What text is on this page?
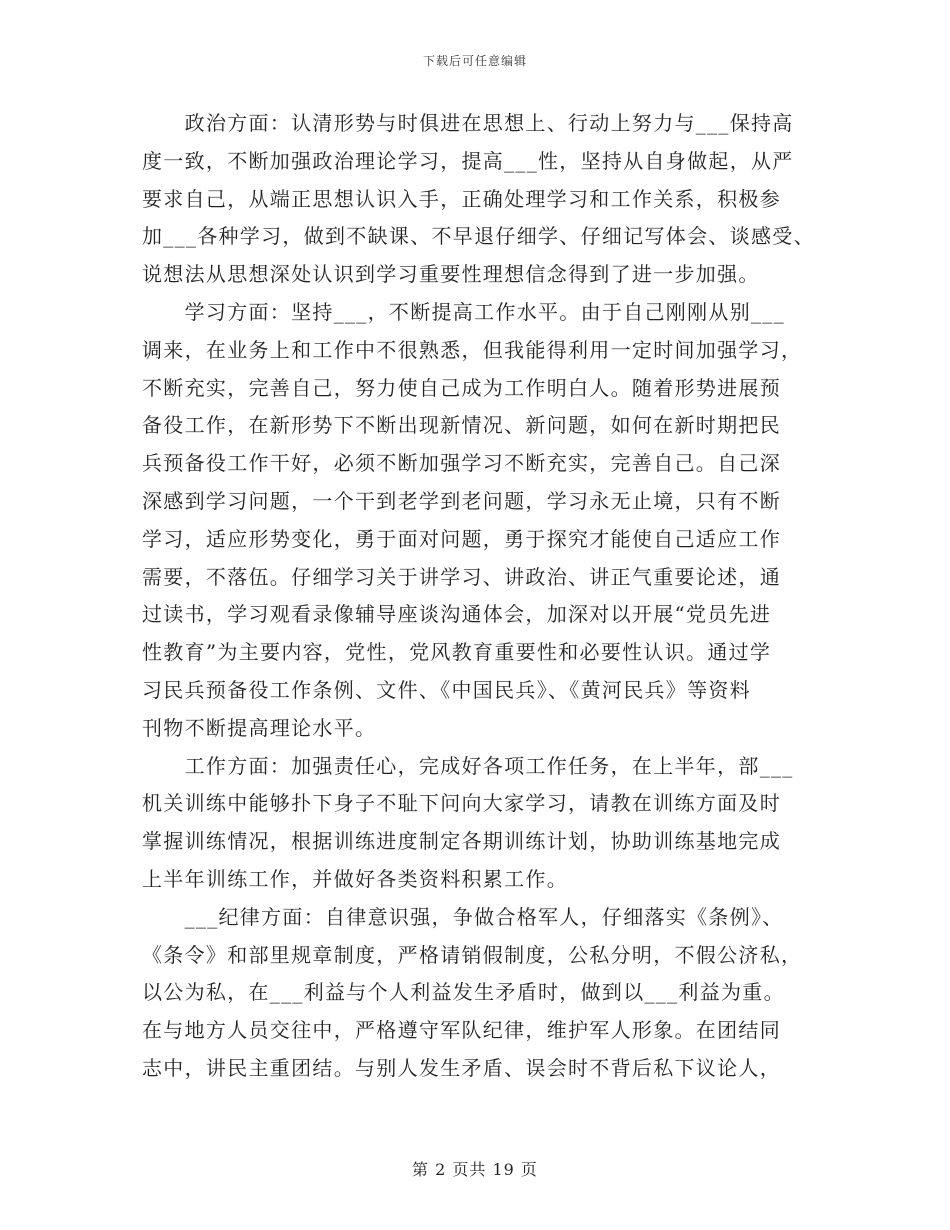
下载后可任意编辑

　　政治方面：认清形势与时俱进在思想上、行动上努力与___保持高
度一致，不断加强政治理论学习，提高___性，坚持从自身做起，从严
要求自己，从端正思想认识入手，正确处理学习和工作关系，积极参
加___各种学习，做到不缺课、不早退仔细学、仔细记写体会、谈感受、
说想法从思想深处认识到学习重要性理想信念得到了进一步加强。

　　学习方面：坚持___，不断提高工作水平。由于自己刚刚从别___
调来，在业务上和工作中不很熟悉，但我能得利用一定时间加强学习，
不断充实，完善自己，努力使自己成为工作明白人。随着形势进展预
备役工作，在新形势下不断出现新情况、新问题，如何在新时期把民
兵预备役工作干好，必须不断加强学习不断充实，完善自己。自己深
深感到学习问题，一个干到老学到老问题，学习永无止境，只有不断
学习，适应形势变化，勇于面对问题，勇于探究才能使自己适应工作
需要，不落伍。仔细学习关于讲学习、讲政治、讲正气重要论述，通
过读书，学习观看录像辅导座谈沟通体会，加深对以开展“党员先进
性教育”为主要内容，党性，党风教育重要性和必要性认识。通过学
习民兵预备役工作条例、文件、《中国民兵》、《黄河民兵》等资料
刊物不断提高理论水平。

　　工作方面：加强责任心，完成好各项工作任务，在上半年，部___
机关训练中能够扑下身子不耻下问向大家学习，请教在训练方面及时
掌握训练情况，根据训练进度制定各期训练计划，协助训练基地完成
上半年训练工作，并做好各类资料积累工作。

　　___纪律方面：自律意识强，争做合格军人，仔细落实《条例》、
《条令》和部里规章制度，严格请销假制度，公私分明，不假公济私，
以公为私，在___利益与个人利益发生矛盾时，做到以___利益为重。
在与地方人员交往中，严格遵守军队纪律，维护军人形象。在团结同
志中，讲民主重团结。与别人发生矛盾、误会时不背后私下议论人，

第 2 页共 19 页
